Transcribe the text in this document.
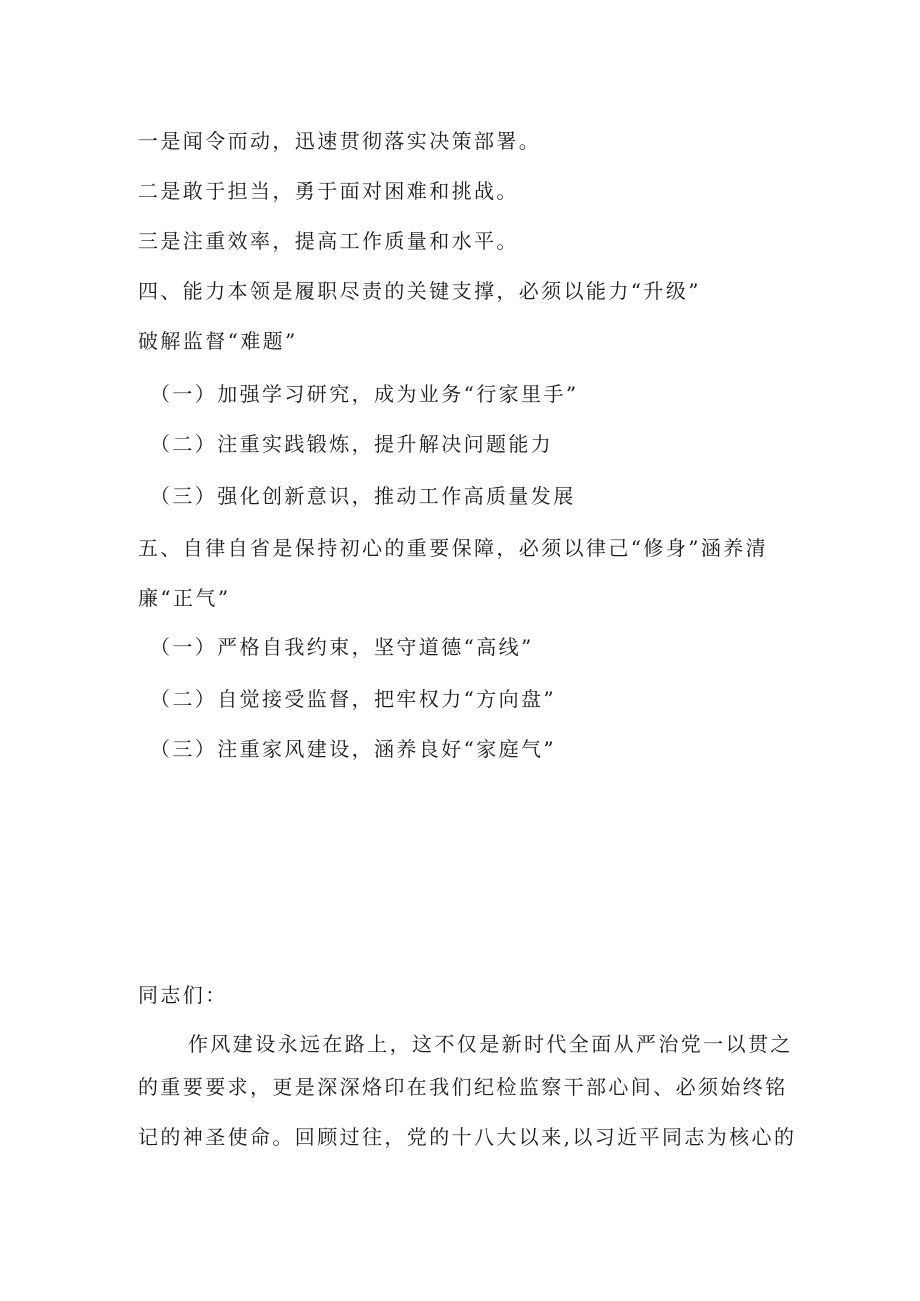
一是闻令而动，迅速贯彻落实决策部署。
二是敢于担当，勇于面对困难和挑战。
三是注重效率，提高工作质量和水平。
四、能力本领是履职尽责的关键支撑，必须以能力“升级”
破解监督“难题”
（一）加强学习研究，成为业务“行家里手”
（二）注重实践锻炼，提升解决问题能力
（三）强化创新意识，推动工作高质量发展
五、自律自省是保持初心的重要保障，必须以律己“修身”涵养清
廉“正气”
（一）严格自我约束，坚守道德“高线”
（二）自觉接受监督，把牢权力“方向盘”
（三）注重家风建设，涵养良好“家庭气”
同志们：
作风建设永远在路上，这不仅是新时代全面从严治党一以贯之
的重要要求，更是深深烙印在我们纪检监察干部心间、必须始终铭
记的神圣使命。回顾过往，党的十八大以来,以习近平同志为核心的
